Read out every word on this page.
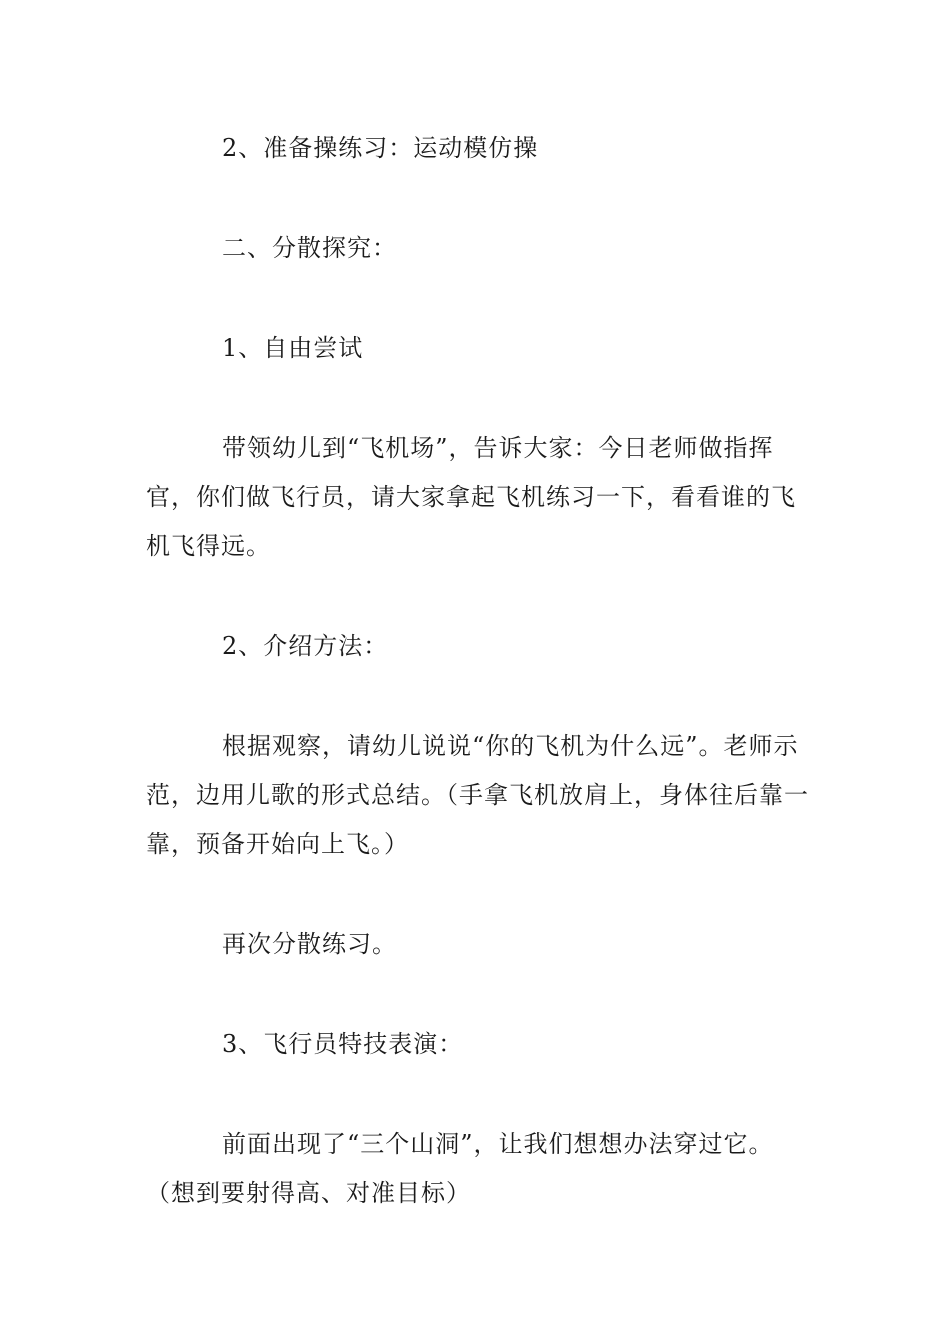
2、准备操练习：运动模仿操

二、分散探究：

1、自由尝试

带领幼儿到“飞机场”，告诉大家：今日老师做指挥官，你们做飞行员，请大家拿起飞机练习一下，看看谁的飞机飞得远。

2、介绍方法：

根据观察，请幼儿说说“你的飞机为什么远”。老师示范，边用儿歌的形式总结。（手拿飞机放肩上，身体往后靠一靠，预备开始向上飞。）

再次分散练习。

3、飞行员特技表演：

前面出现了“三个山洞”，让我们想想办法穿过它。（想到要射得高、对准目标）
